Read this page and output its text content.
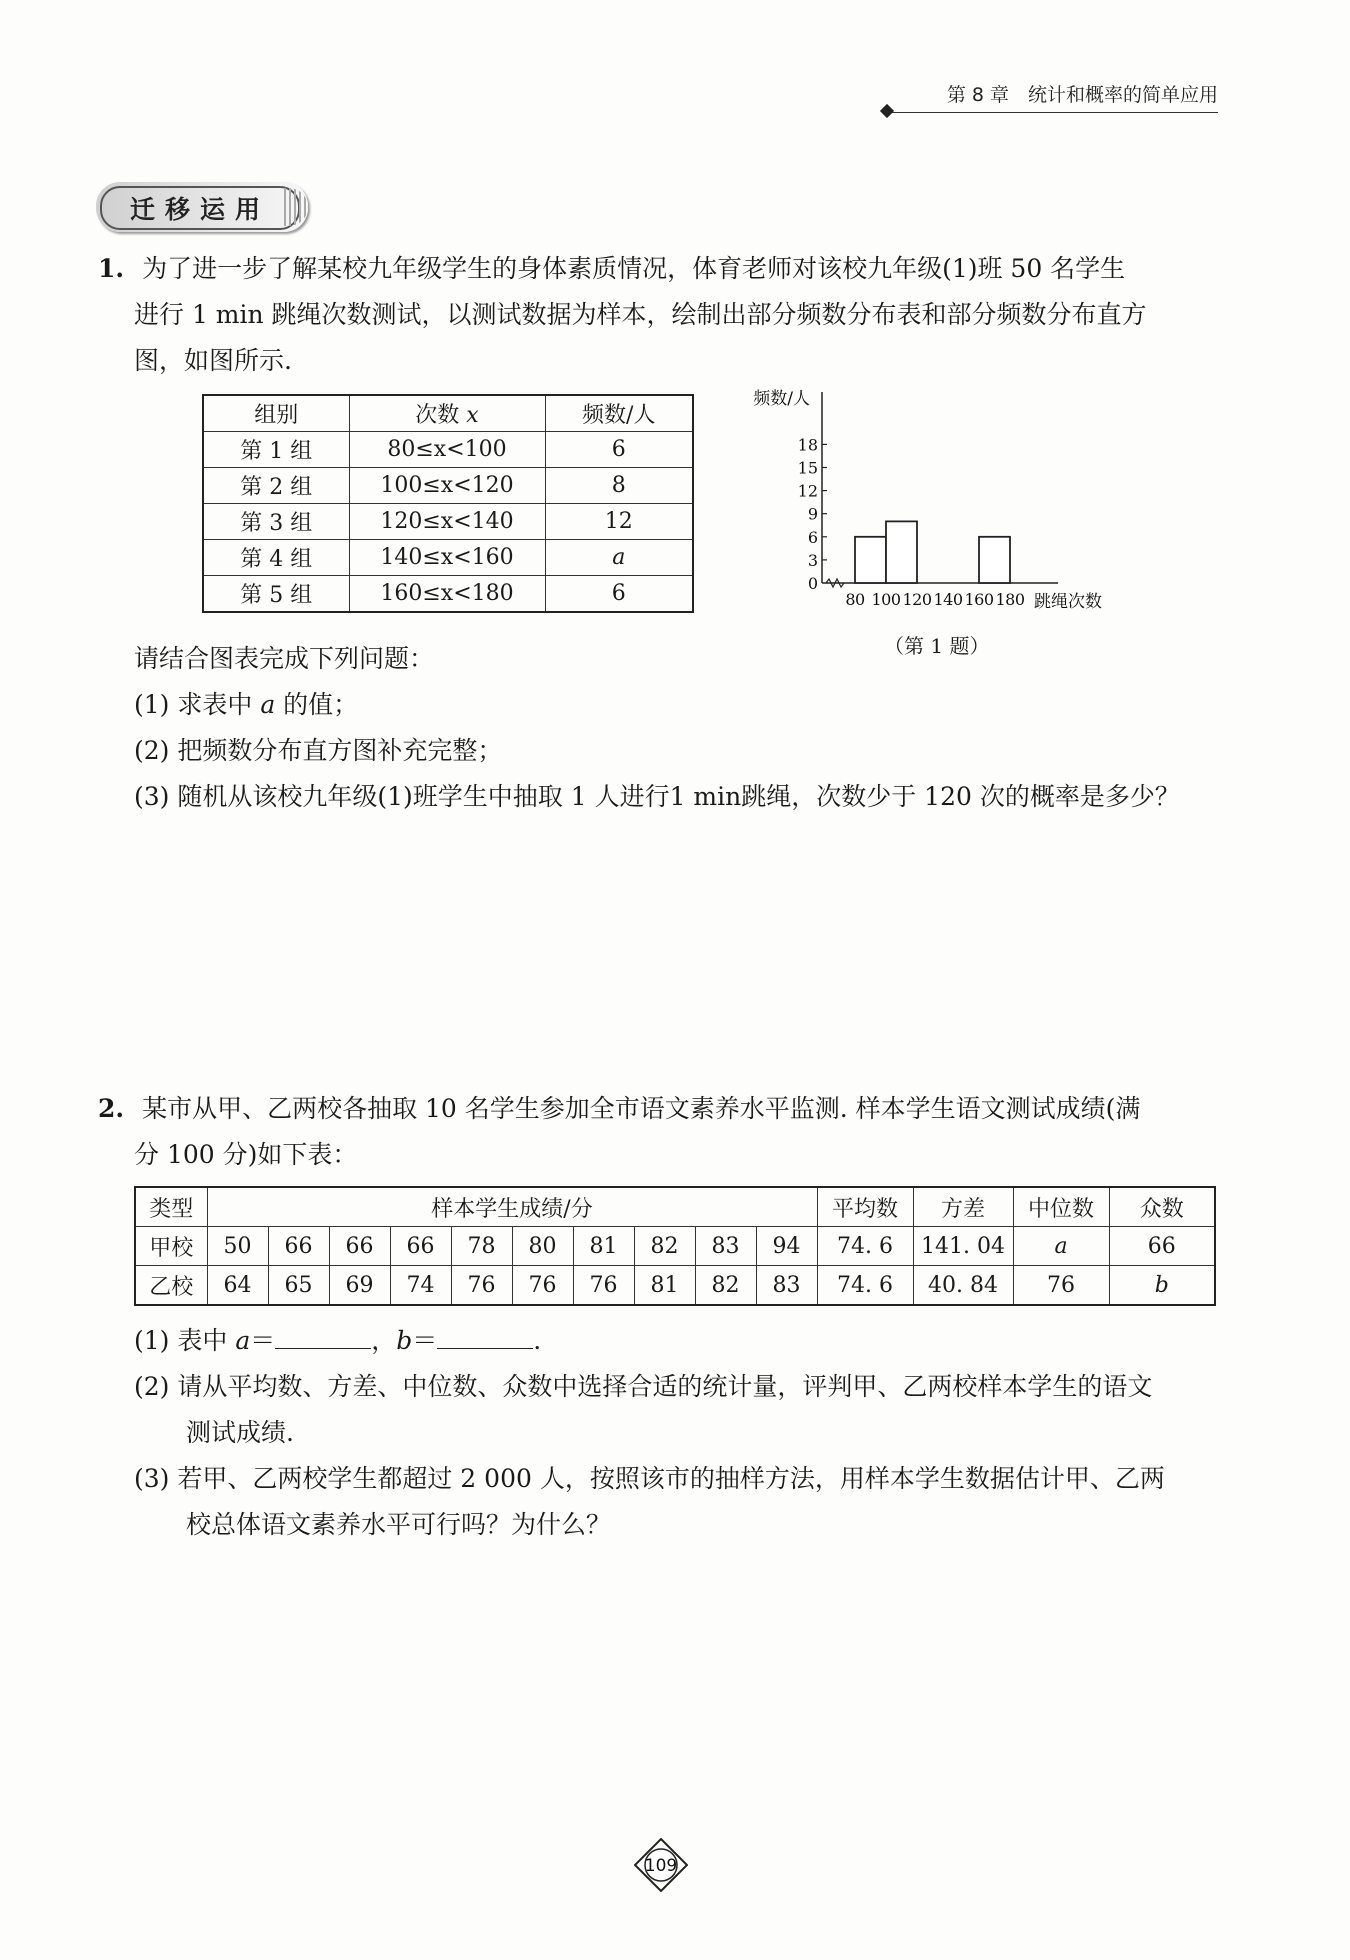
第 8 章　统计和概率的简单应用
迁移运用
1. 为了进一步了解某校九年级学生的身体素质情况，体育老师对该校九年级(1)班 50 名学生
进行 1 min 跳绳次数测试，以测试数据为样本，绘制出部分频数分布表和部分频数分布直方
图，如图所示.
组别	次数 x	频数/人
第 1 组	80≤x<100	6
第 2 组	100≤x<120	8
第 3 组	120≤x<140	12
第 4 组	140≤x<160	a
第 5 组	160≤x<180	6	0
3
6
9
12
15
18
频数/人
80 100 120 140 160 180 跳绳次数
（第 1 题）
请结合图表完成下列问题：
(1) 求表中 a 的值；
(2) 把频数分布直方图补充完整；
(3) 随机从该校九年级(1)班学生中抽取 1 人进行1 min跳绳，次数少于 120 次的概率是多少？
2. 某市从甲、乙两校各抽取 10 名学生参加全市语文素养水平监测. 样本学生语文测试成绩(满
分 100 分)如下表：
类型	样本学生成绩/分										平均数	方差	中位数	众数
甲校	50	66	66	66	78	80	81	82	83	94	74. 6	141. 04	a	66
乙校	64	65	69	74	76	76	76	81	82	83	74. 6	40. 84	76	b
(1) 表中 a＝	，b＝	.
(2) 请从平均数、方差、中位数、众数中选择合适的统计量，评判甲、乙两校样本学生的语文
测试成绩.
(3) 若甲、乙两校学生都超过 2 000 人，按照该市的抽样方法，用样本学生数据估计甲、乙两
校总体语文素养水平可行吗？为什么？
109
